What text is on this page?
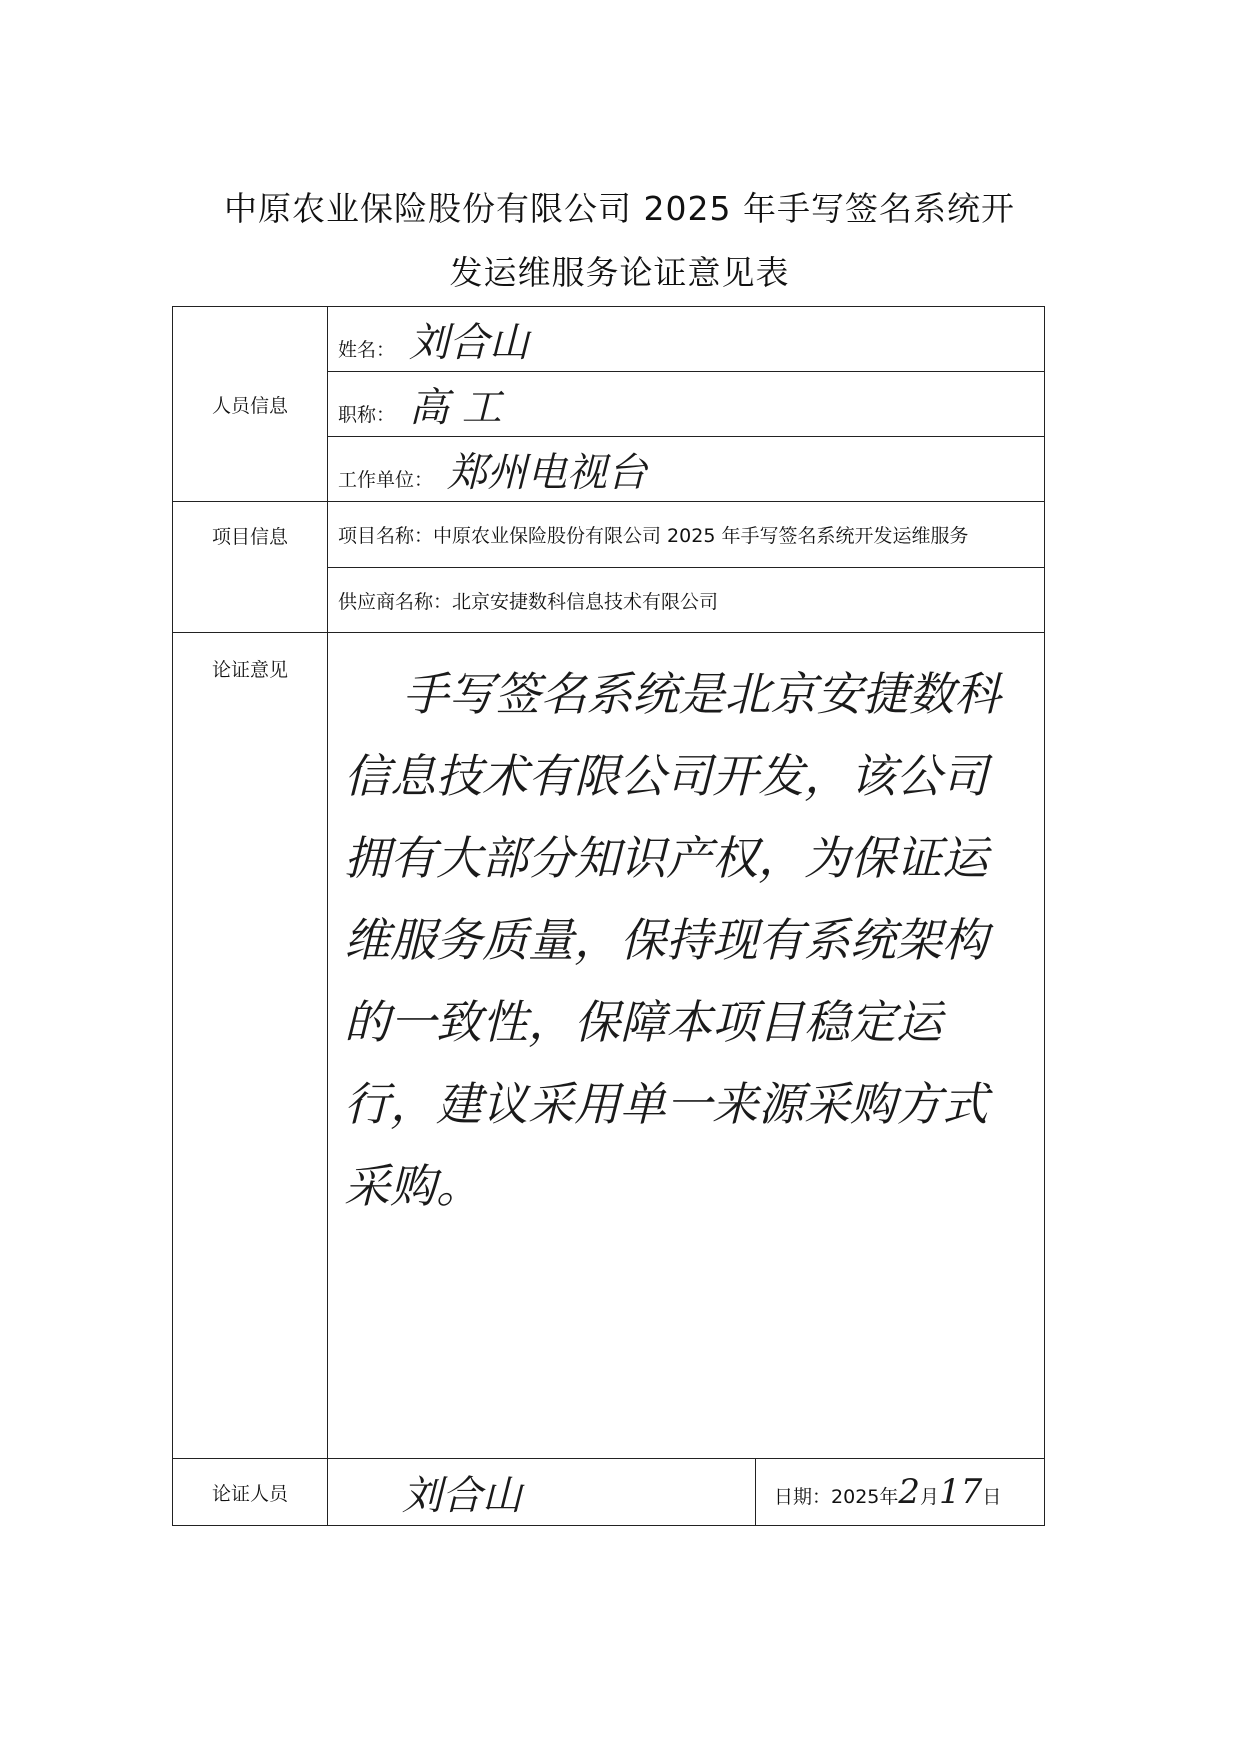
中原农业保险股份有限公司 2025 年手写签名系统开
发运维服务论证意见表
人员信息	姓名： 刘合山	
	职称： 高 工	
	工作单位： 郑州电视台	
项目信息	项目名称：中原农业保险股份有限公司 2025 年手写签名系统开发运维服务	
	供应商名称：北京安捷数科信息技术有限公司	
论证意见	手写签名系统是北京安捷数科信息技术有限公司开发，该公司拥有大部分知识产权，为保证运维服务质量，保持现有系统架构的一致性，保障本项目稳定运行，建议采用单一来源采购方式采购。	

论证人员	刘合山	日期：2025年2月17日
